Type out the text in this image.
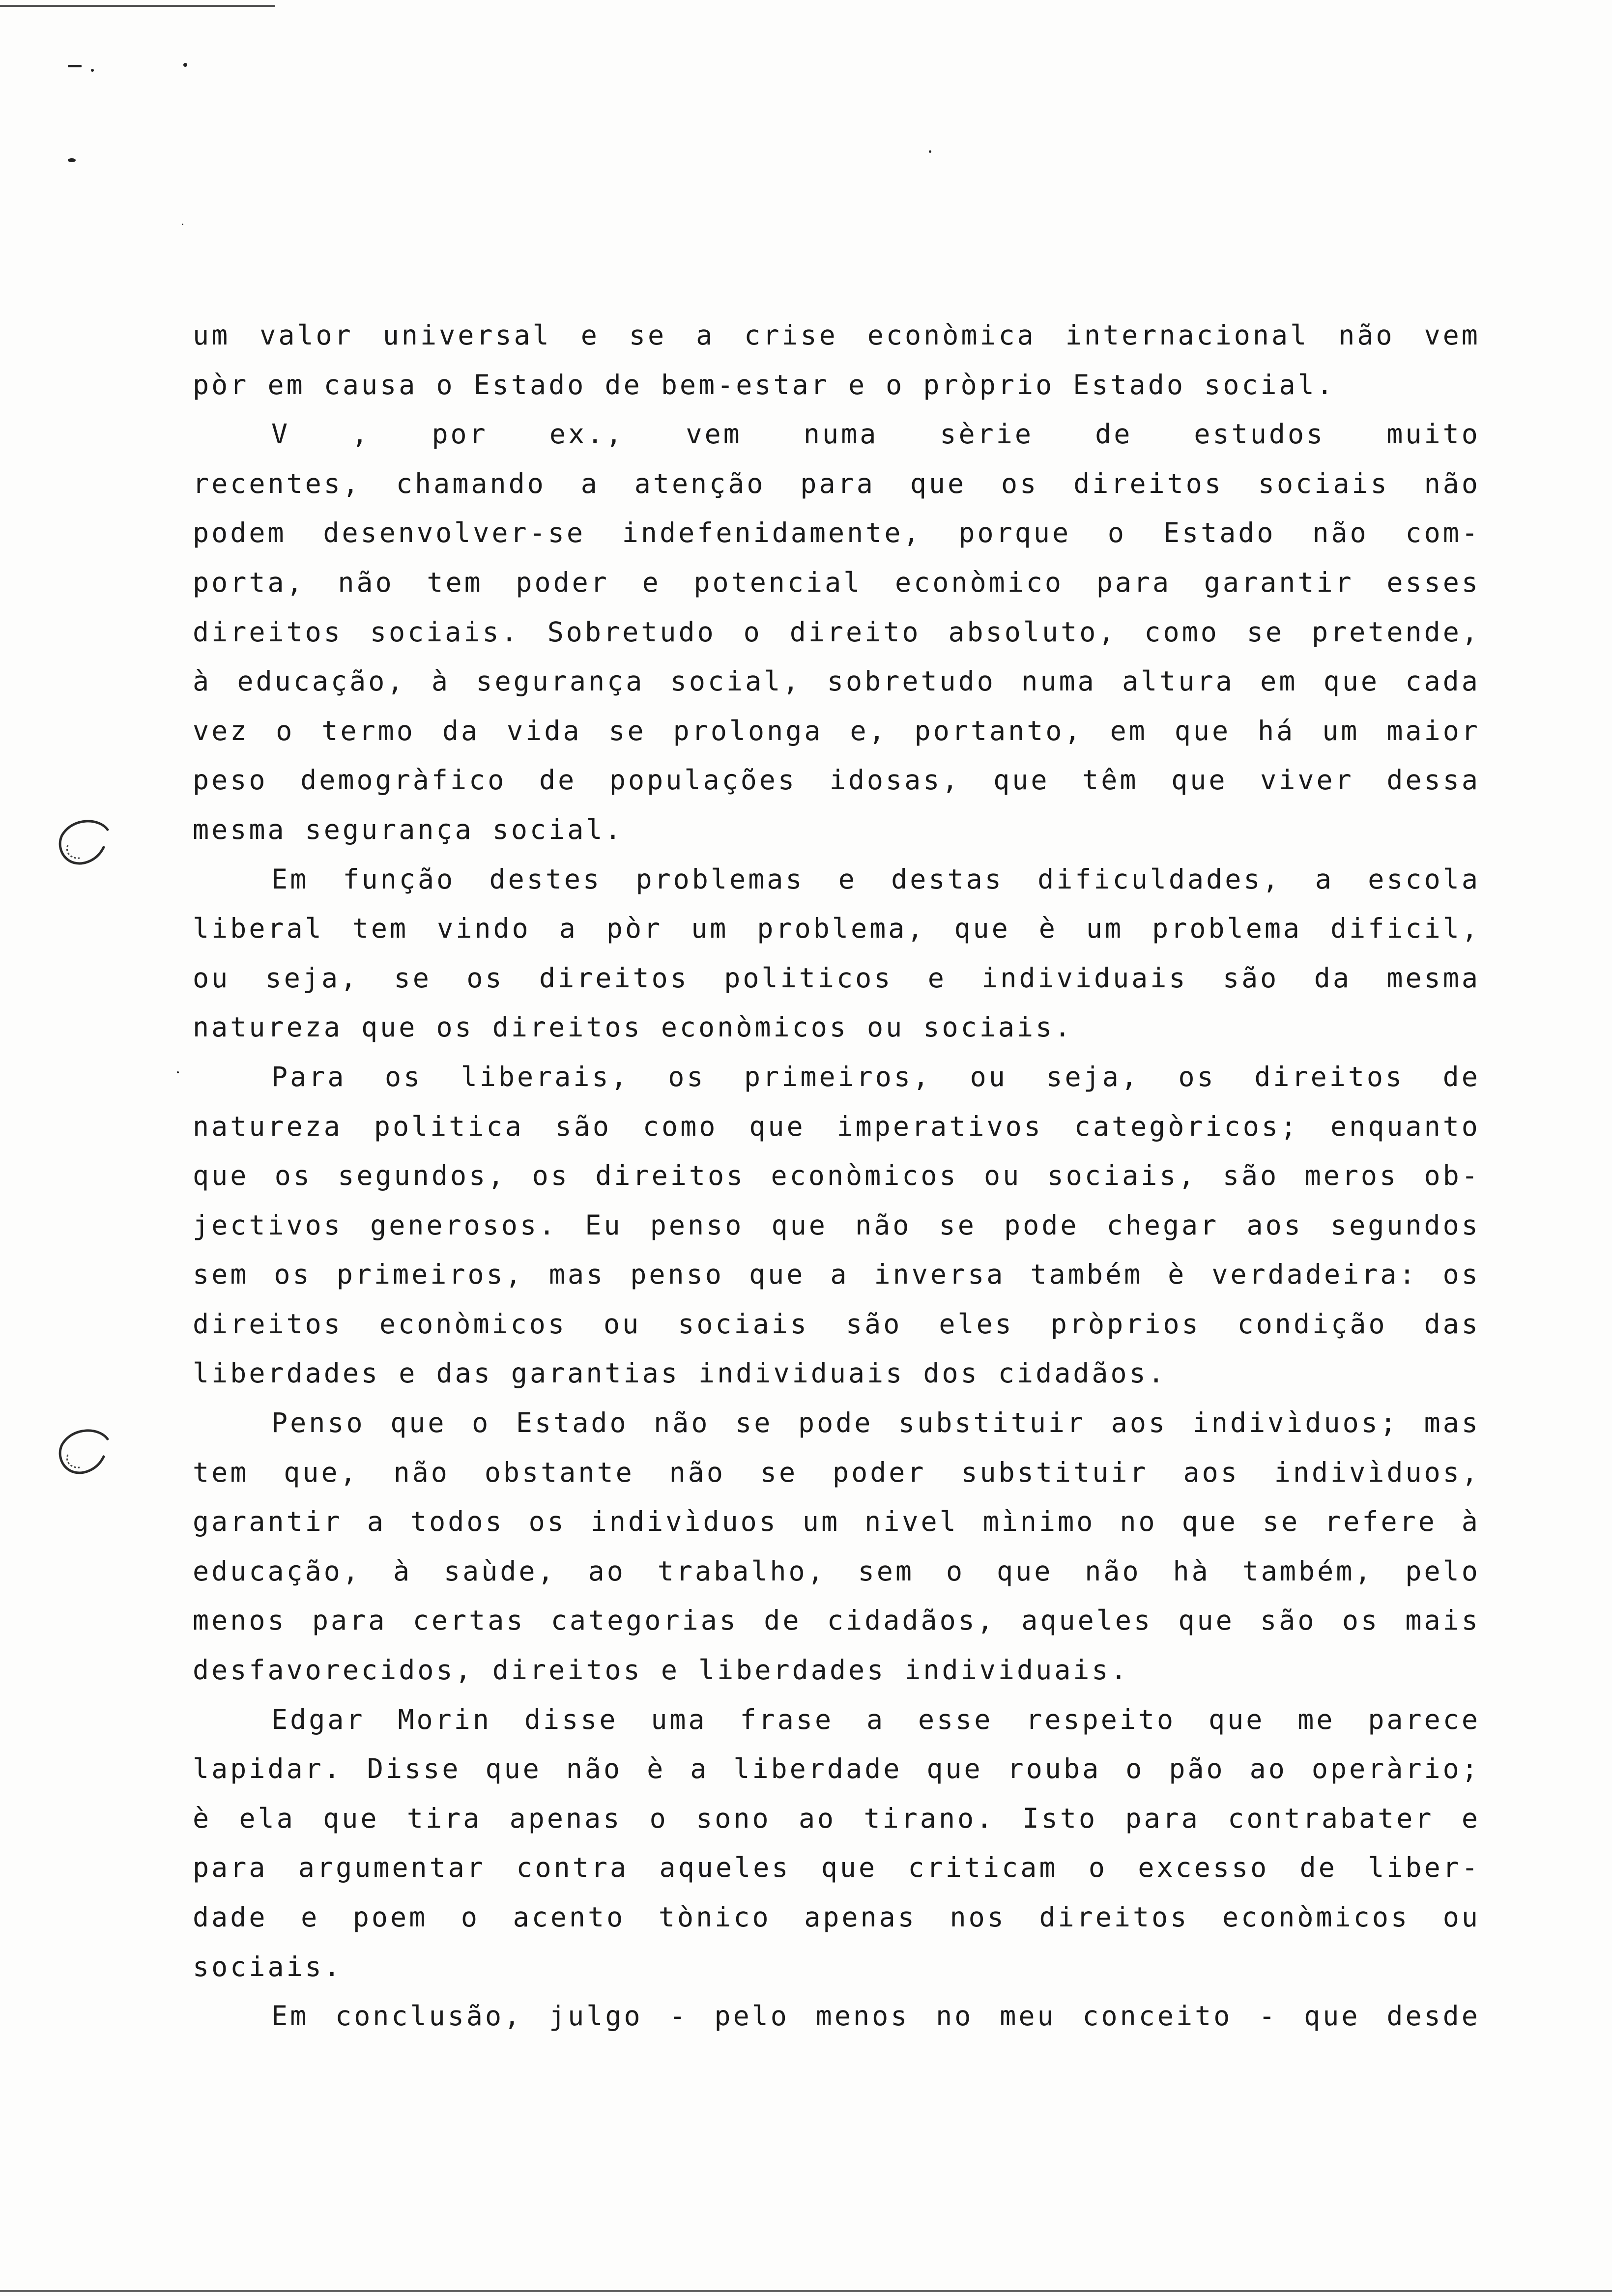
um valor universal e se a crise econòmica internacional não vem
pòr em causa o Estado de bem-estar e o pròprio Estado social.
V , por ex., vem numa sèrie de estudos muito
recentes, chamando a atenção para que os direitos sociais não
podem desenvolver-se indefenidamente, porque o Estado não com-
porta, não tem poder e potencial econòmico para garantir esses
direitos sociais. Sobretudo o direito absoluto, como se pretende,
à educação, à segurança social, sobretudo numa altura em que cada
vez o termo da vida se prolonga e, portanto, em que há um maior
peso demogràfico de populações idosas, que têm que viver dessa
mesma segurança social.
Em função destes problemas e destas dificuldades, a escola
liberal tem vindo a pòr um problema, que è um problema dificil,
ou seja, se os direitos politicos e individuais são da mesma
natureza que os direitos econòmicos ou sociais.
Para os liberais, os primeiros, ou seja, os direitos de
natureza politica são como que imperativos categòricos; enquanto
que os segundos, os direitos econòmicos ou sociais, são meros ob-
jectivos generosos. Eu penso que não se pode chegar aos segundos
sem os primeiros, mas penso que a inversa também è verdadeira: os
direitos econòmicos ou sociais são eles pròprios condição das
liberdades e das garantias individuais dos cidadãos.
Penso que o Estado não se pode substituir aos indivìduos; mas
tem que, não obstante não se poder substituir aos indivìduos,
garantir a todos os indivìduos um nivel mìnimo no que se refere à
educação, à saùde, ao trabalho, sem o que não hà também, pelo
menos para certas categorias de cidadãos, aqueles que são os mais
desfavorecidos, direitos e liberdades individuais.
Edgar Morin disse uma frase a esse respeito que me parece
lapidar. Disse que não è a liberdade que rouba o pão ao operàrio;
è ela que tira apenas o sono ao tirano. Isto para contrabater e
para argumentar contra aqueles que criticam o excesso de liber-
dade e poem o acento tònico apenas nos direitos econòmicos ou
sociais.
Em conclusão, julgo - pelo menos no meu conceito - que desde
